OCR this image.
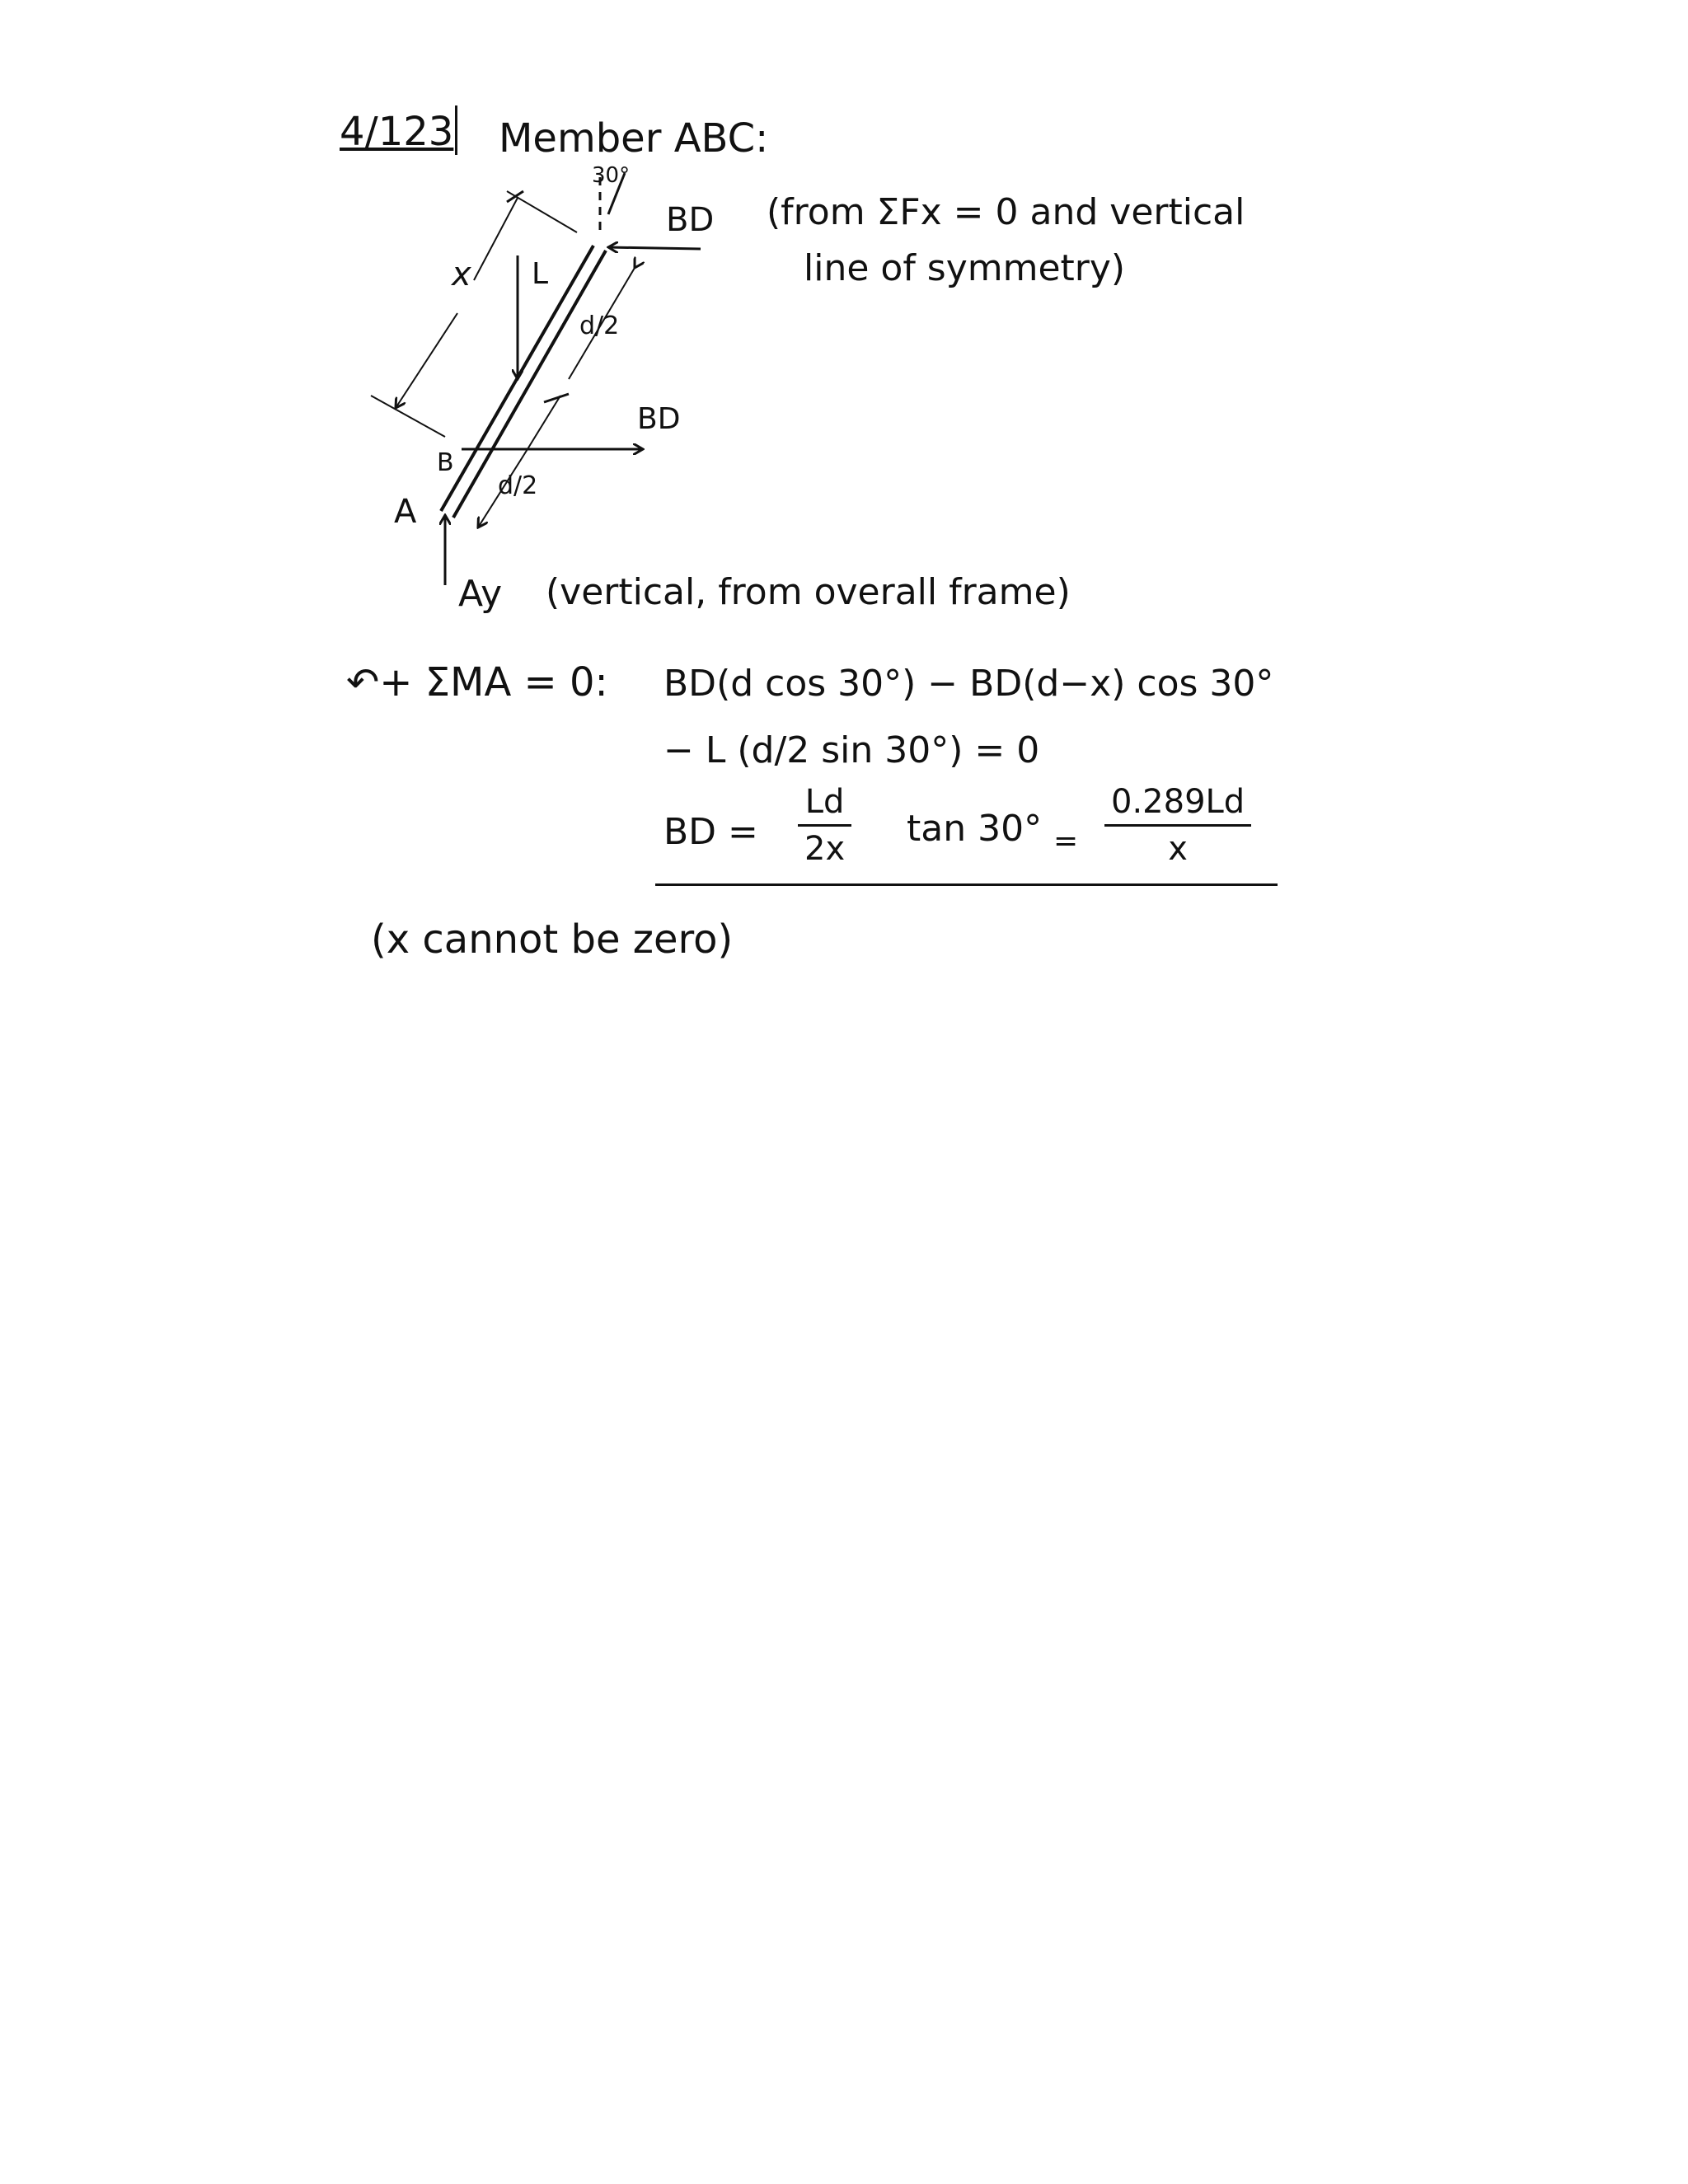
4/123 Member ABC:
30°
BD
x L
d/2
BD
B
d/2
A
Ay (vertical, from overall frame)
(from ΣFx = 0 and vertical
line of symmetry)
↶+ ΣMA = 0: BD(d cos 30°) − BD(d−x) cos 30°
− L (d/2 sin 30°) = 0
BD =
Ld
2x tan 30° =
0.289Ld
x
(x cannot be zero)
